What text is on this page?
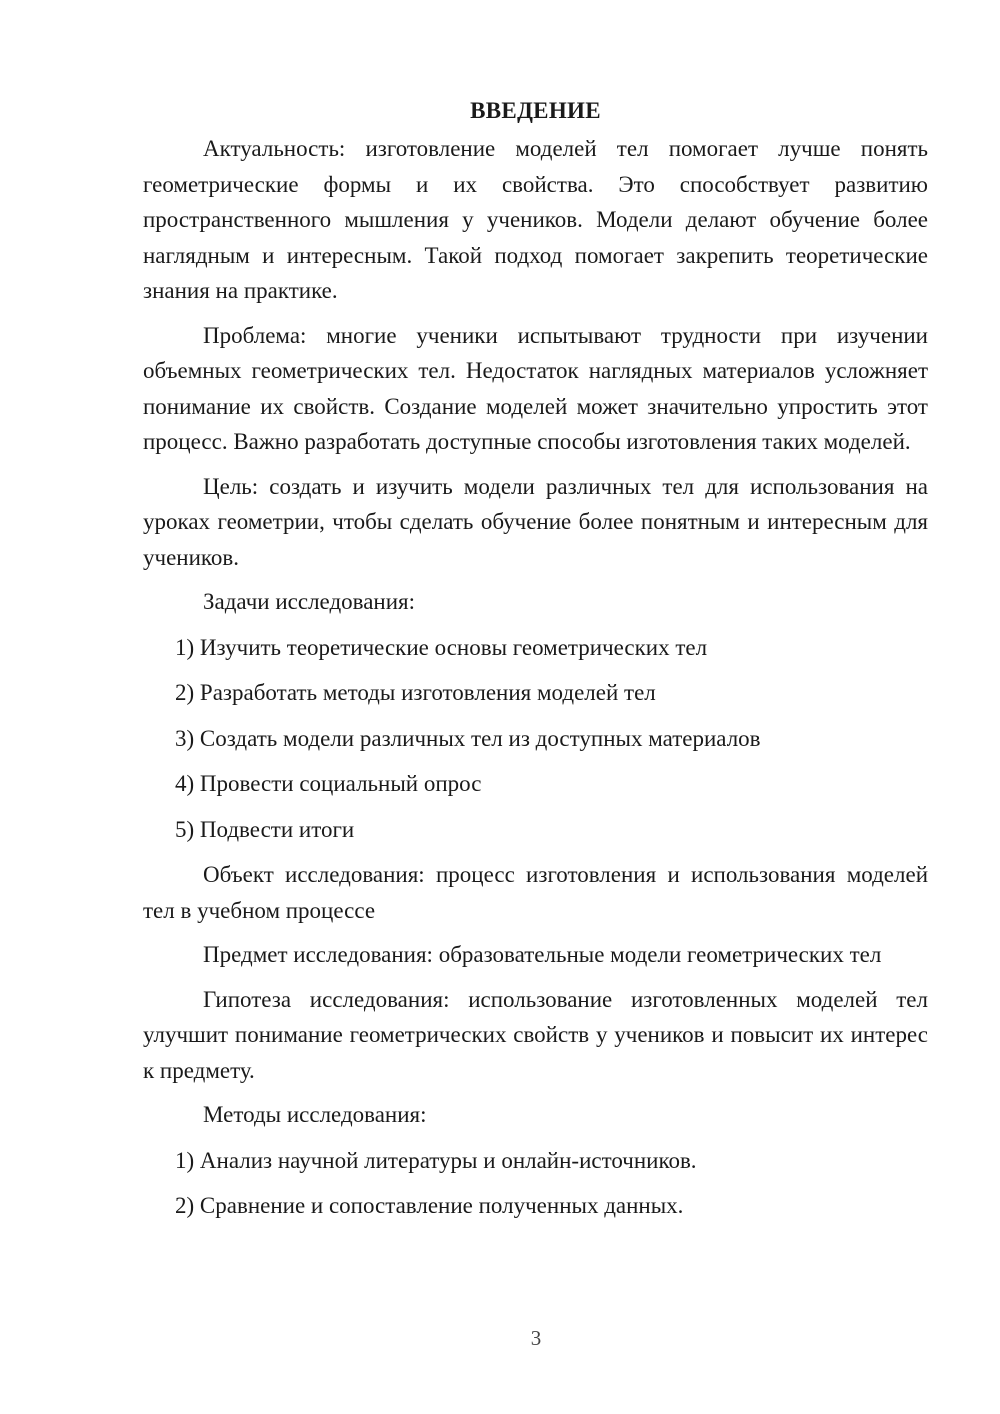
ВВЕДЕНИЕ

Актуальность: изготовление моделей тел помогает лучше понять геометрические формы и их свойства. Это способствует развитию пространственного мышления у учеников. Модели делают обучение более наглядным и интересным. Такой подход помогает закрепить теоретические знания на практике.

Проблема: многие ученики испытывают трудности при изучении объемных геометрических тел. Недостаток наглядных материалов усложняет понимание их свойств. Создание моделей может значительно упростить этот процесс. Важно разработать доступные способы изготовления таких моделей.

Цель: создать и изучить модели различных тел для использования на уроках геометрии, чтобы сделать обучение более понятным и интересным для учеников.

Задачи исследования:
1) Изучить теоретические основы геометрических тел
2) Разработать методы изготовления моделей тел
3) Создать модели различных тел из доступных материалов
4) Провести социальный опрос
5) Подвести итоги

Объект исследования: процесс изготовления и использования моделей тел в учебном процессе

Предмет исследования: образовательные модели геометрических тел

Гипотеза исследования: использование изготовленных моделей тел улучшит понимание геометрических свойств у учеников и повысит их интерес к предмету.

Методы исследования:
1) Анализ научной литературы и онлайн-источников.
2) Сравнение и сопоставление полученных данных.
3
